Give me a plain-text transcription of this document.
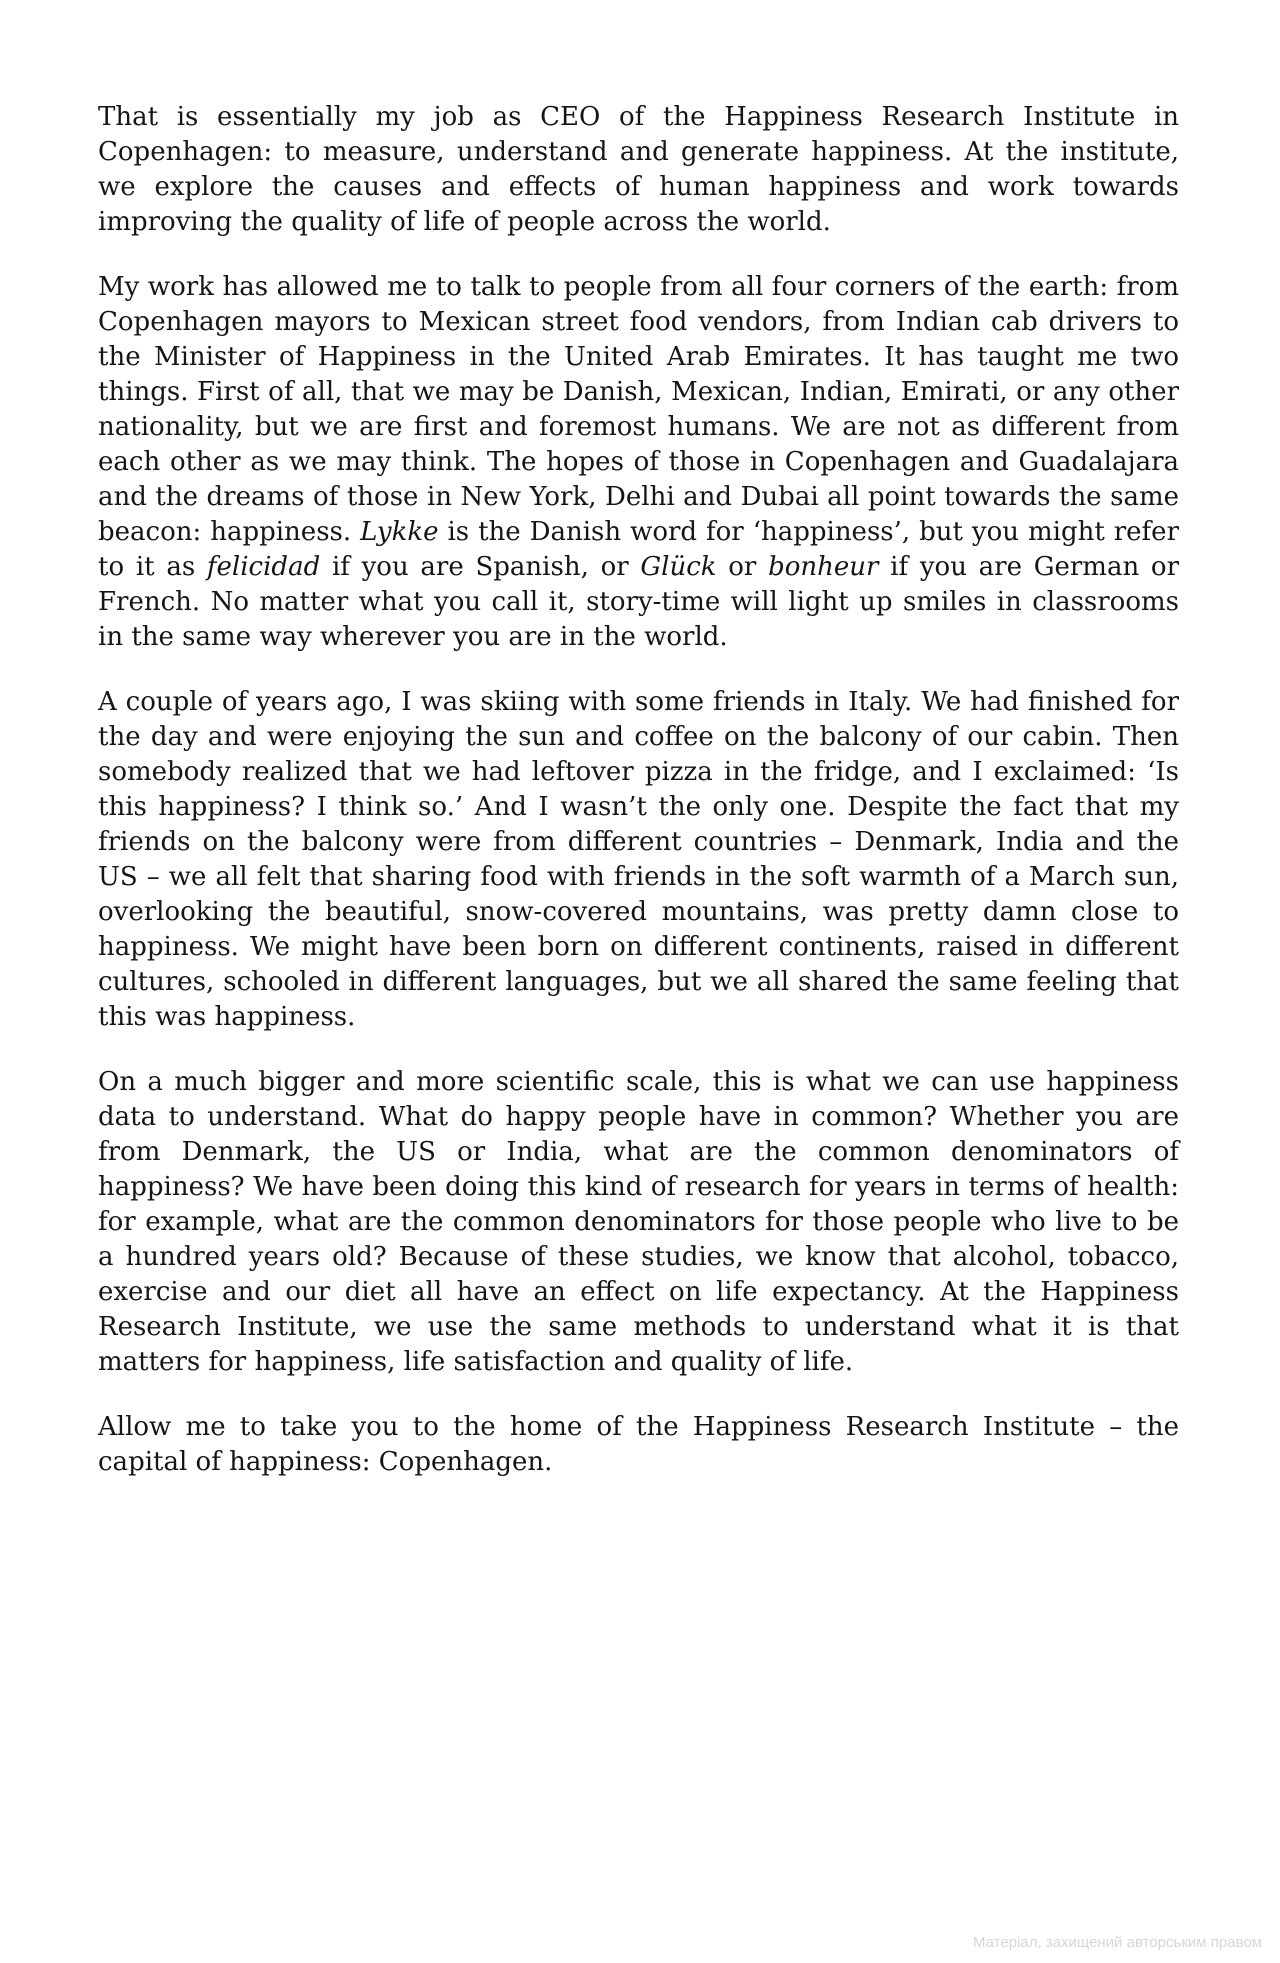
That is essentially my job as CEO of the Happiness Research Institute in Copenhagen: to measure, understand and generate happiness. At the institute, we explore the causes and effects of human happiness and work towards improving the quality of life of people across the world.

My work has allowed me to talk to people from all four corners of the earth: from Copenhagen mayors to Mexican street food vendors, from Indian cab drivers to the Minister of Happiness in the United Arab Emirates. It has taught me two things. First of all, that we may be Danish, Mexican, Indian, Emirati, or any other nationality, but we are first and foremost humans. We are not as different from each other as we may think. The hopes of those in Copenhagen and Guadalajara and the dreams of those in New York, Delhi and Dubai all point towards the same beacon: happiness. Lykke is the Danish word for ‘happiness’, but you might refer to it as felicidad if you are Spanish, or Glück or bonheur if you are German or French. No matter what you call it, story-time will light up smiles in classrooms in the same way wherever you are in the world.

A couple of years ago, I was skiing with some friends in Italy. We had finished for the day and were enjoying the sun and coffee on the balcony of our cabin. Then somebody realized that we had leftover pizza in the fridge, and I exclaimed: ‘Is this happiness? I think so.’ And I wasn’t the only one. Despite the fact that my friends on the balcony were from different countries – Denmark, India and the US – we all felt that sharing food with friends in the soft warmth of a March sun, overlooking the beautiful, snow-covered mountains, was pretty damn close to happiness. We might have been born on different continents, raised in different cultures, schooled in different languages, but we all shared the same feeling that this was happiness.

On a much bigger and more scientific scale, this is what we can use happiness data to understand. What do happy people have in common? Whether you are from Denmark, the US or India, what are the common denominators of happiness? We have been doing this kind of research for years in terms of health: for example, what are the common denominators for those people who live to be a hundred years old? Because of these studies, we know that alcohol, tobacco, exercise and our diet all have an effect on life expectancy. At the Happiness Research Institute, we use the same methods to understand what it is that matters for happiness, life satisfaction and quality of life.

Allow me to take you to the home of the Happiness Research Institute – the capital of happiness: Copenhagen.

Матеріал, захищений авторським правом
